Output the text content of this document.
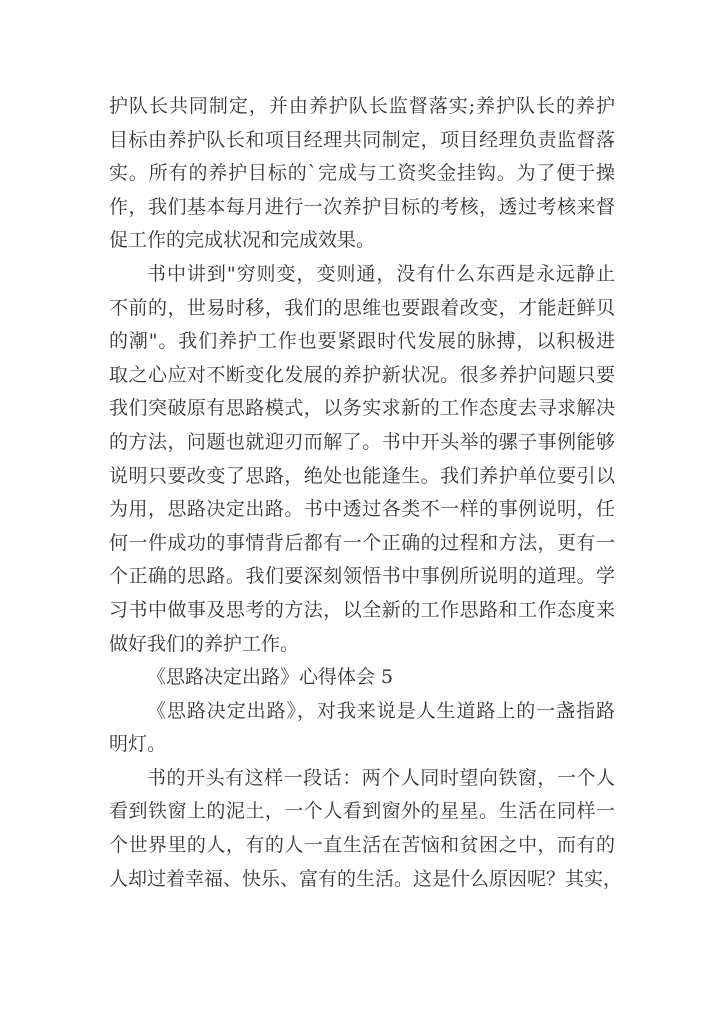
护队长共同制定，并由养护队长监督落实;养护队长的养护
目标由养护队长和项目经理共同制定，项目经理负责监督落
实。所有的养护目标的`完成与工资奖金挂钩。为了便于操
作，我们基本每月进行一次养护目标的考核，透过考核来督
促工作的完成状况和完成效果。
书中讲到"穷则变，变则通，没有什么东西是永远静止
不前的，世易时移，我们的思维也要跟着改变，才能赶鲜贝
的潮"。我们养护工作也要紧跟时代发展的脉搏，以积极进
取之心应对不断变化发展的养护新状况。很多养护问题只要
我们突破原有思路模式，以务实求新的工作态度去寻求解决
的方法，问题也就迎刃而解了。书中开头举的骡子事例能够
说明只要改变了思路，绝处也能逢生。我们养护单位要引以
为用，思路决定出路。书中透过各类不一样的事例说明，任
何一件成功的事情背后都有一个正确的过程和方法，更有一
个正确的思路。我们要深刻领悟书中事例所说明的道理。学
习书中做事及思考的方法，以全新的工作思路和工作态度来
做好我们的养护工作。
《思路决定出路》心得体会 5
《思路决定出路》，对我来说是人生道路上的一盏指路
明灯。
书的开头有这样一段话：两个人同时望向铁窗，一个人
看到铁窗上的泥土，一个人看到窗外的星星。生活在同样一
个世界里的人，有的人一直生活在苦恼和贫困之中，而有的
人却过着幸福、快乐、富有的生活。这是什么原因呢？其实，
